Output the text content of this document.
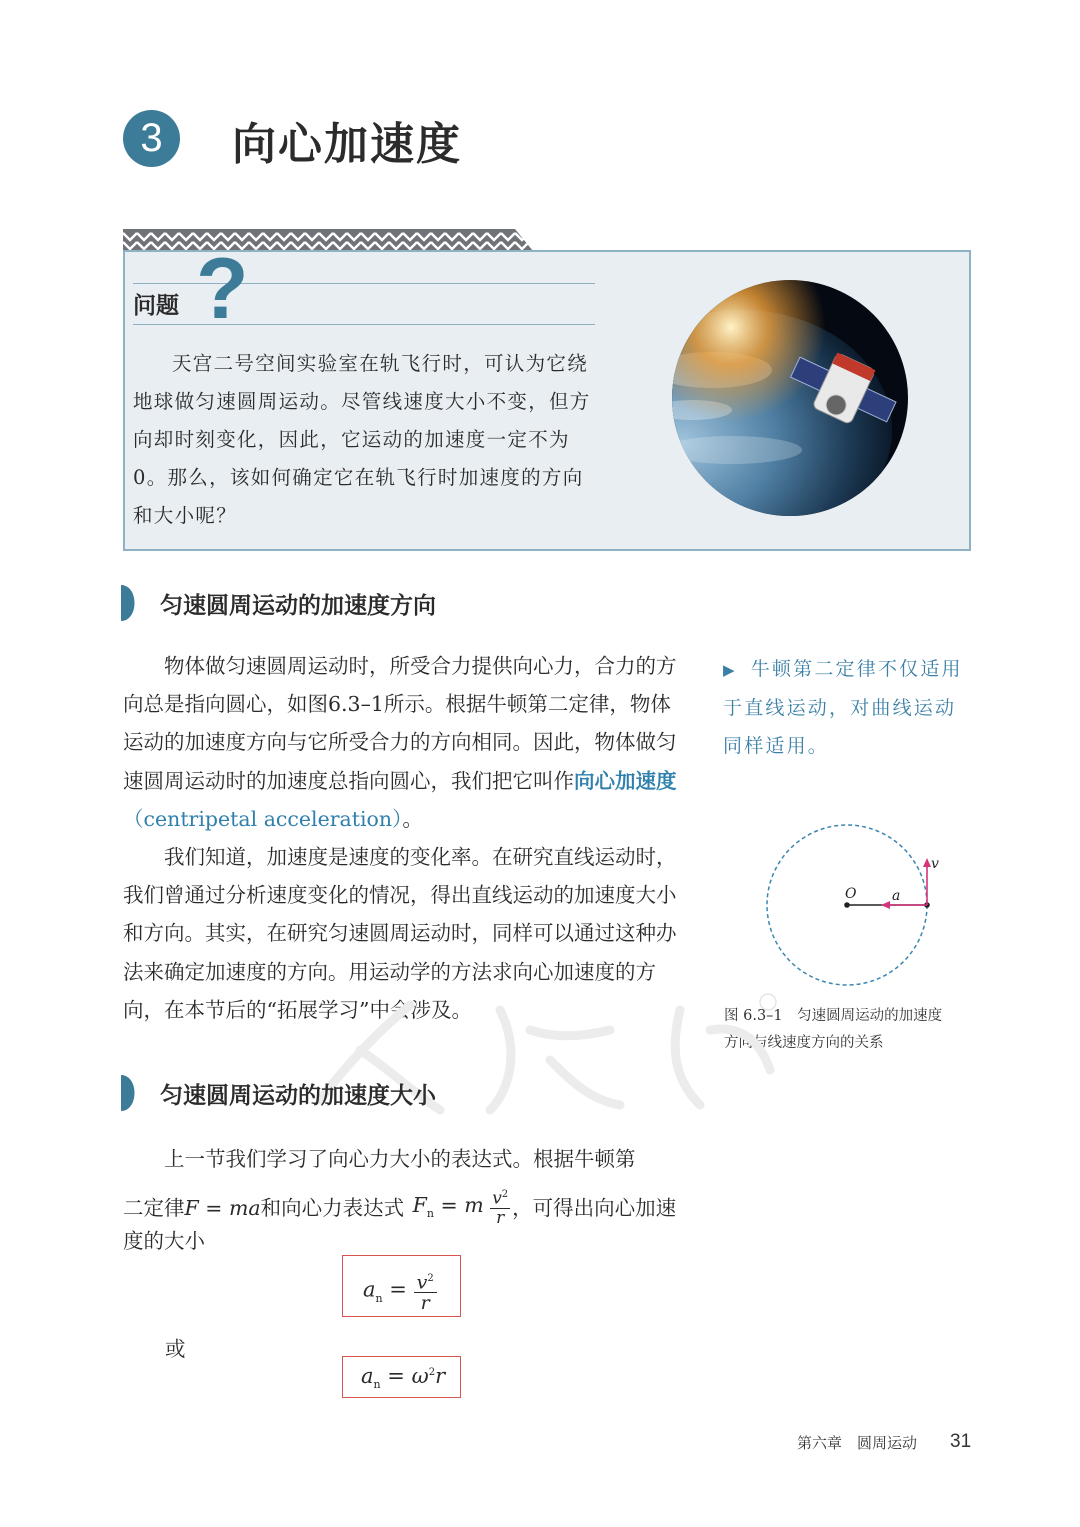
3	向心加速度
问题 ?
天宫二号空间实验室在轨飞行时，可认为它绕地球做匀速圆周运动。尽管线速度大小不变，但方向却时刻变化，因此，它运动的加速度一定不为0。那么，该如何确定它在轨飞行时加速度的方向和大小呢？
匀速圆周运动的加速度方向

物体做匀速圆周运动时，所受合力提供向心力，合力的方向总是指向圆心，如图6.3–1所示。根据牛顿第二定律，物体运动的加速度方向与它所受合力的方向相同。因此，物体做匀速圆周运动时的加速度总指向圆心，我们把它叫作向心加速度（centripetal acceleration）。

我们知道，加速度是速度的变化率。在研究直线运动时，我们曾通过分析速度变化的情况，得出直线运动的加速度大小和方向。其实，在研究匀速圆周运动时，同样可以通过这种办法来确定加速度的方向。用运动学的方法求向心加速度的方向，在本节后的“拓展学习”中会涉及。

▶ 牛顿第二定律不仅适用于直线运动，对曲线运动同样适用。
O	a
v
图 6.3–1　匀速圆周运动的加速度
方向与线速度方向的关系
匀速圆周运动的加速度大小
上一节我们学习了向心力大小的表达式。根据牛顿第
二定律F = ma和向心力表达式 $F_n = m \frac{v^2}{r}$ ，可得出向心加速
度的大小
$a_n = \frac{v^2}{r}$
或
$a_n = \omega^2r$
第六章　圆周运动 31
